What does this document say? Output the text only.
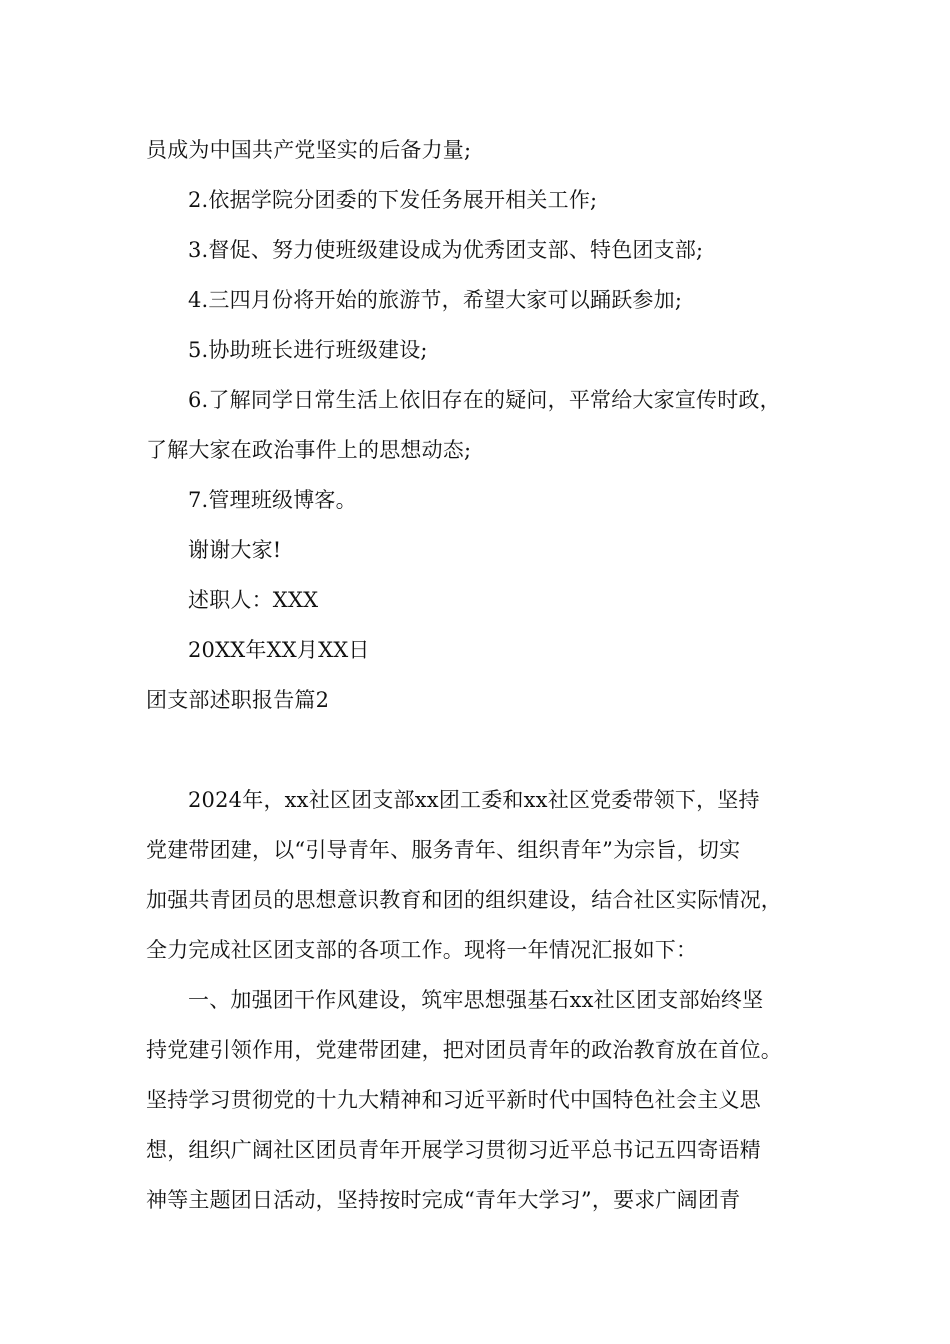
员成为中国共产党坚实的后备力量;
2.依据学院分团委的下发任务展开相关工作;
3.督促、努力使班级建设成为优秀团支部、特色团支部;
4.三四月份将开始的旅游节，希望大家可以踊跃参加;
5.协助班长进行班级建设;
6.了解同学日常生活上依旧存在的疑问，平常给大家宣传时政，
了解大家在政治事件上的思想动态;
7.管理班级博客。
谢谢大家!
述职人：XXX
20XX年XX月XX日
团支部述职报告篇2
2024年，xx社区团支部xx团工委和xx社区党委带领下，坚持
党建带团建，以“引导青年、服务青年、组织青年”为宗旨，切实
加强共青团员的思想意识教育和团的组织建设，结合社区实际情况，
全力完成社区团支部的各项工作。现将一年情况汇报如下：
一、加强团干作风建设，筑牢思想强基石xx社区团支部始终坚
持党建引领作用，党建带团建，把对团员青年的政治教育放在首位。
坚持学习贯彻党的十九大精神和习近平新时代中国特色社会主义思
想，组织广阔社区团员青年开展学习贯彻习近平总书记五四寄语精
神等主题团日活动，坚持按时完成“青年大学习”，要求广阔团青
